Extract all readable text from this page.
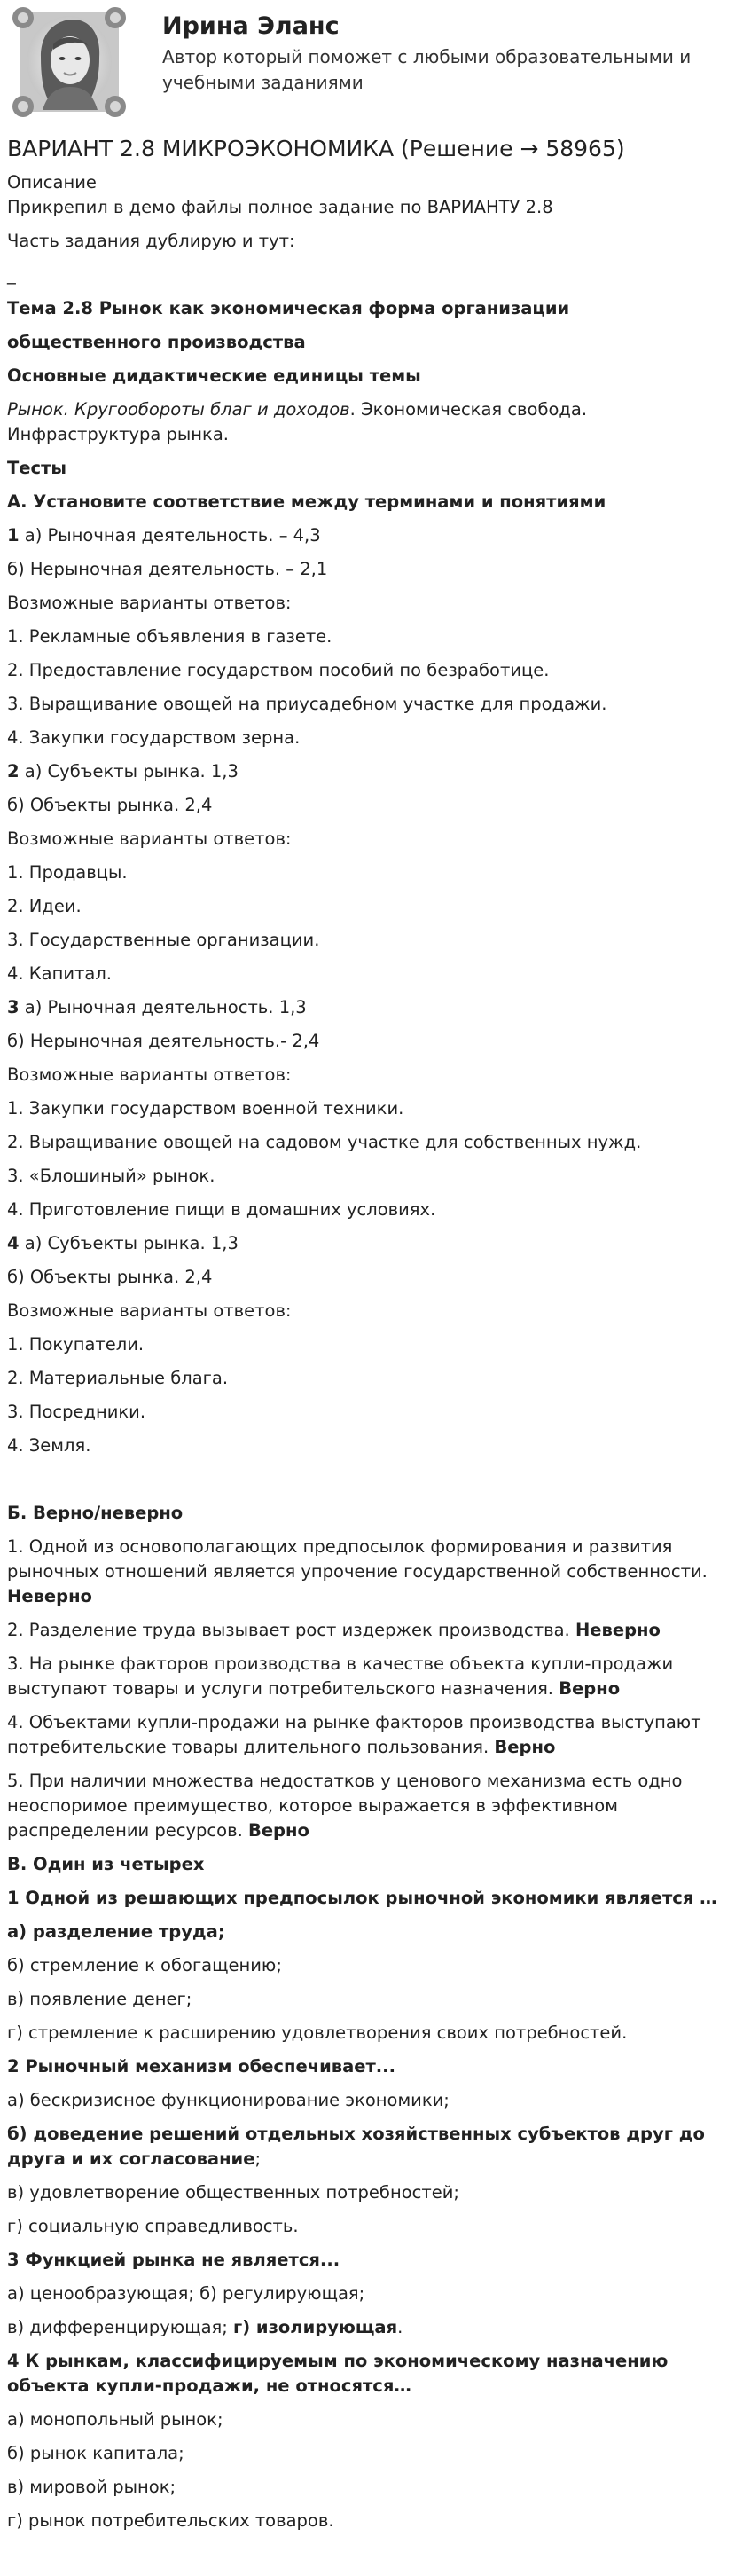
Ирина Эланс

Автор который поможет с любыми образовательными и учебными заданиями

ВАРИАНТ 2.8 МИКРОЭКОНОМИКА (Решение → 58965)

Описание

Прикрепил в демо файлы полное задание по ВАРИАНТУ 2.8

Часть задания дублирую и тут:

_

Тема 2.8 Рынок как экономическая форма организации

общественного производства

Основные дидактические единицы темы

Рынок. Кругообороты благ и доходов. Экономическая свобода. Инфраструктура рынка.

Тесты

А. Установите соответствие между терминами и понятиями

1 а) Рыночная деятельность. – 4,3

б) Нерыночная деятельность. – 2,1

Возможные варианты ответов:

1. Рекламные объявления в газете.

2. Предоставление государством пособий по безработице.

3. Выращивание овощей на приусадебном участке для продажи.

4. Закупки государством зерна.

2 а) Субъекты рынка. 1,3

б) Объекты рынка. 2,4

Возможные варианты ответов:

1. Продавцы.

2. Идеи.

3. Государственные организации.

4. Капитал.

3 а) Рыночная деятельность. 1,3

б) Нерыночная деятельность.- 2,4

Возможные варианты ответов:

1. Закупки государством военной техники.

2. Выращивание овощей на садовом участке для собственных нужд.

3. «Блошиный» рынок.

4. Приготовление пищи в домашних условиях.

4 а) Субъекты рынка. 1,3

б) Объекты рынка. 2,4

Возможные варианты ответов:

1. Покупатели.

2. Материальные блага.

3. Посредники.

4. Земля.

Б. Верно/неверно

1. Одной из основополагающих предпосылок формирования и развития рыночных отношений является упрочение государственной собственности. Неверно

2. Разделение труда вызывает рост издержек производства. Неверно

3. На рынке факторов производства в качестве объекта купли-продажи выступают товары и услуги потребительского назначения. Верно

4. Объектами купли-продажи на рынке факторов производства выступают потребительские товары длительного пользования. Верно

5. При наличии множества недостатков у ценового механизма есть одно неоспоримое преимущество, которое выражается в эффективном распределении ресурсов. Верно

В. Один из четырех

1 Одной из решающих предпосылок рыночной экономики является …

а) разделение труда;

б) стремление к обогащению;

в) появление денег;

г) стремление к расширению удовлетворения своих потребностей.

2 Рыночный механизм обеспечивает...

а) бескризисное функционирование экономики;

б) доведение решений отдельных хозяйственных субъектов друг до друга и их согласование;

в) удовлетворение общественных потребностей;

г) социальную справедливость.

3 Функцией рынка не является...

а) ценообразующая; б) регулирующая;

в) дифференцирующая; г) изолирующая.

4 К рынкам, классифицируемым по экономическому назначению объекта купли-продажи, не относятся…

а) монопольный рынок;

б) рынок капитала;

в) мировой рынок;

г) рынок потребительских товаров.
